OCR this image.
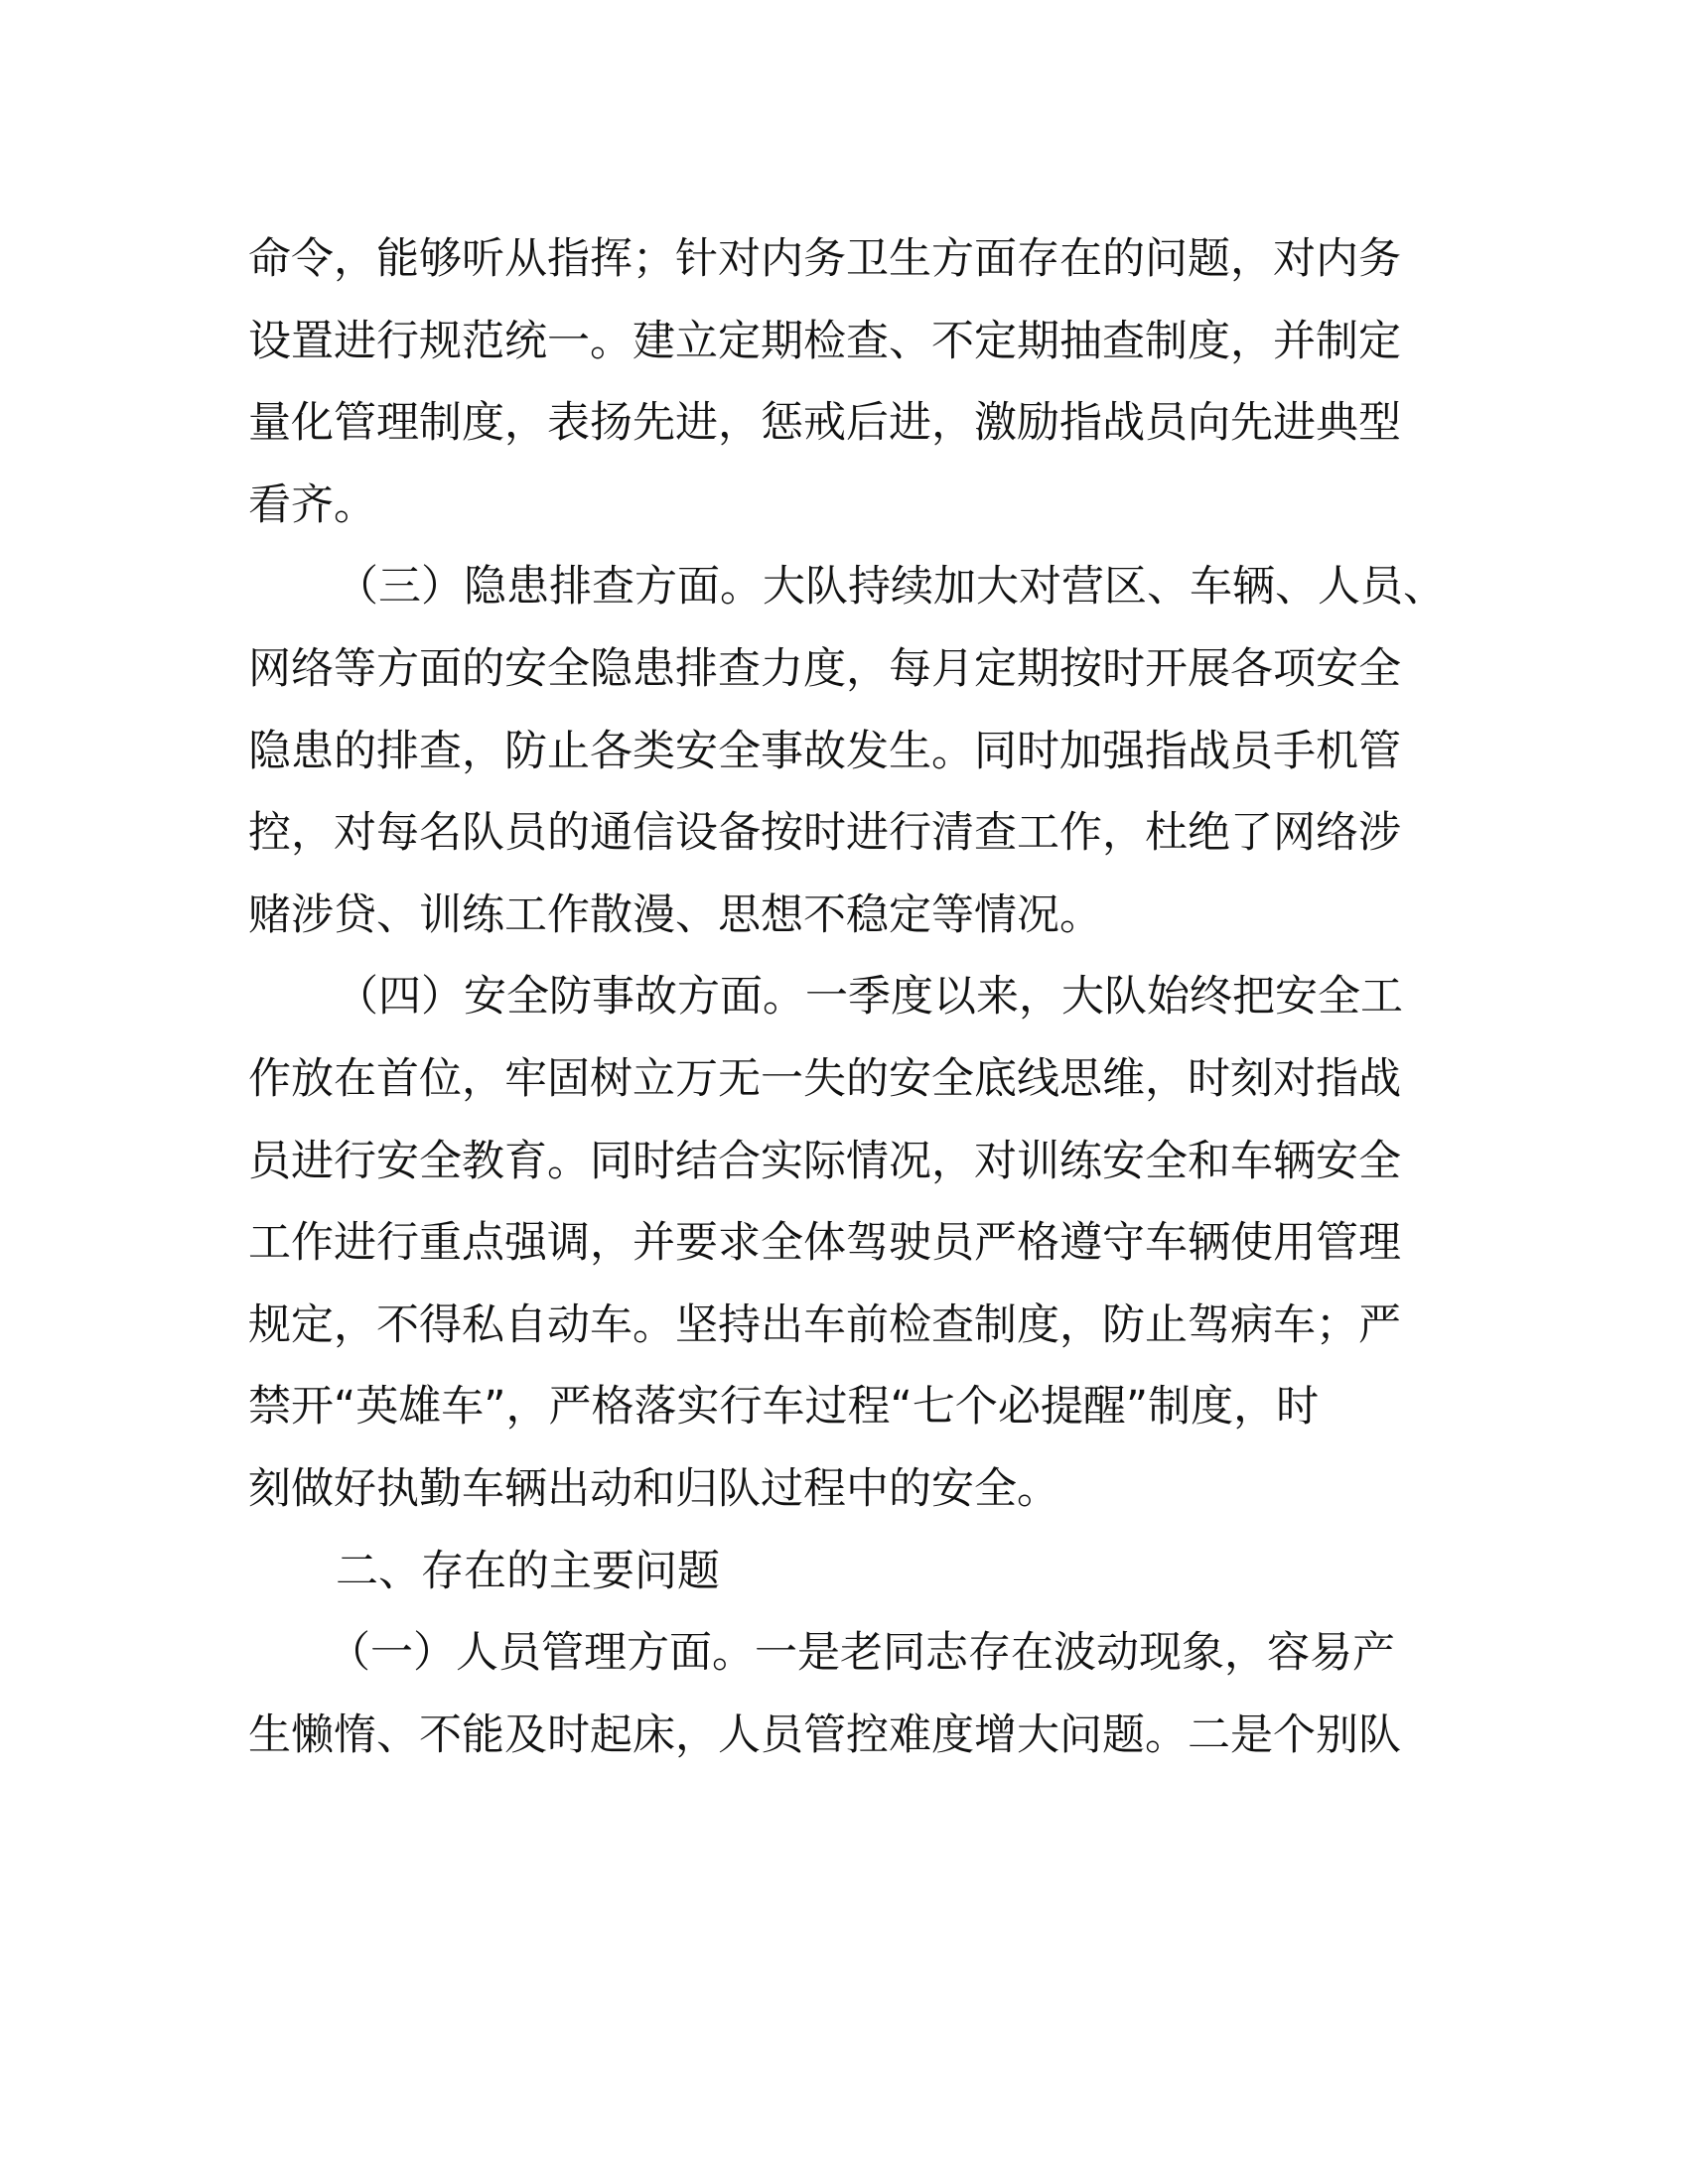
命令，能够听从指挥；针对内务卫生方面存在的问题，对内务
设置进行规范统一。建立定期检查、不定期抽查制度，并制定
量化管理制度，表扬先进，惩戒后进，激励指战员向先进典型
看齐。
（三）隐患排查方面。大队持续加大对营区、车辆、人员、
网络等方面的安全隐患排查力度，每月定期按时开展各项安全
隐患的排查，防止各类安全事故发生。同时加强指战员手机管
控，对每名队员的通信设备按时进行清查工作，杜绝了网络涉
赌涉贷、训练工作散漫、思想不稳定等情况。
（四）安全防事故方面。一季度以来，大队始终把安全工
作放在首位，牢固树立万无一失的安全底线思维，时刻对指战
员进行安全教育。同时结合实际情况，对训练安全和车辆安全
工作进行重点强调，并要求全体驾驶员严格遵守车辆使用管理
规定，不得私自动车。坚持出车前检查制度，防止驾病车；严
禁开“英雄车”，严格落实行车过程“七个必提醒”制度，时
刻做好执勤车辆出动和归队过程中的安全。
二、存在的主要问题
（一）人员管理方面。一是老同志存在波动现象，容易产
生懒惰、不能及时起床，人员管控难度增大问题。二是个别队
